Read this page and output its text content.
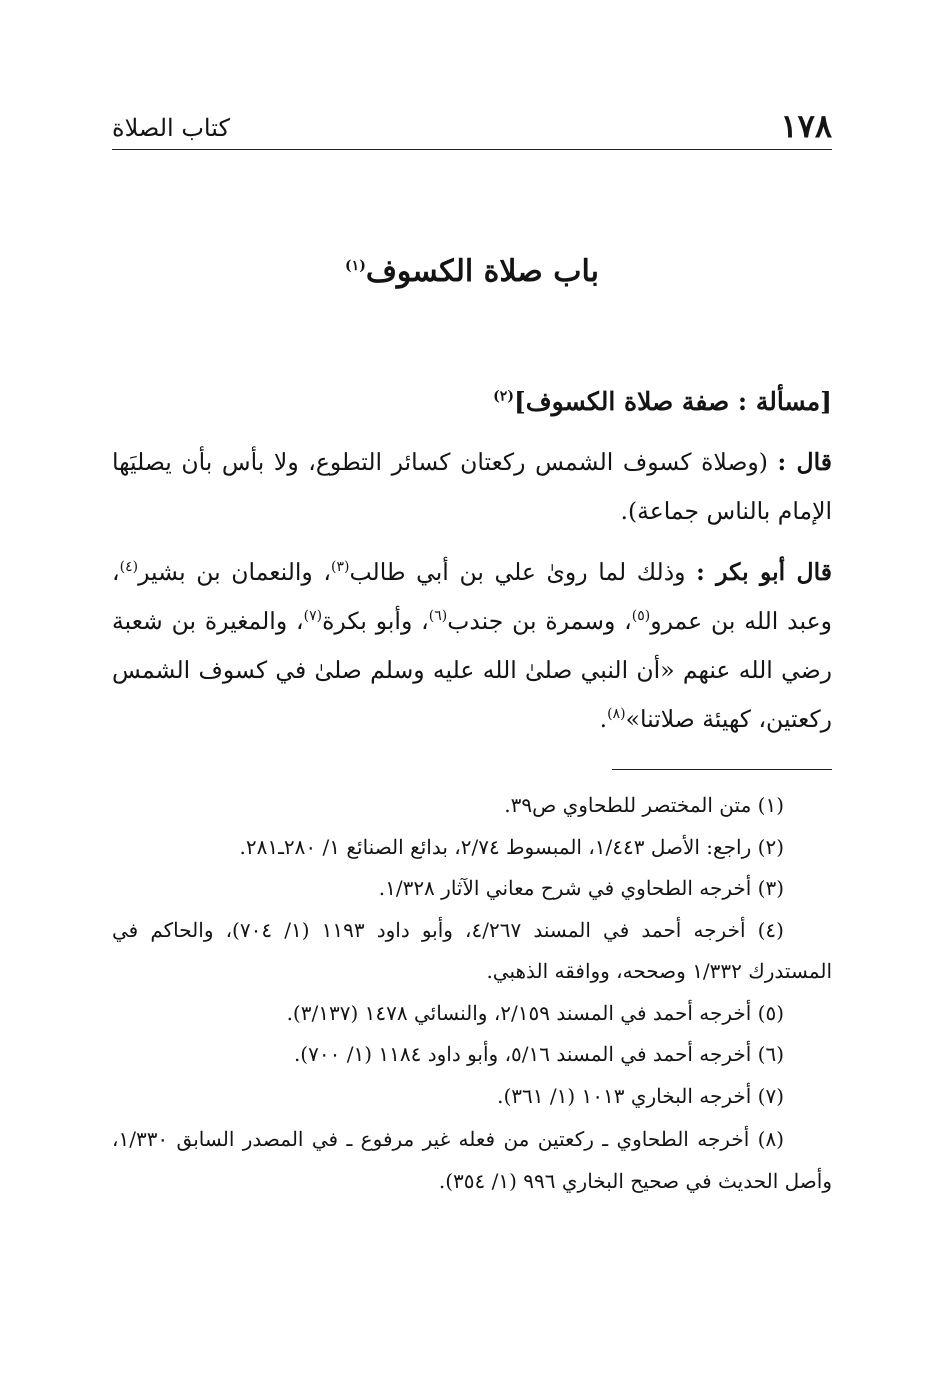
١٧٨
كتاب الصلاة
باب صلاة الكسوف$^{(١)}$
[مسألة : صفة صلاة الكسوف]$^{(٢)}$
قال : (وصلاة كسوف الشمس ركعتان كسائر التطوع، ولا بأس بأن يصليَها الإمام بالناس جماعة).
قال أبو بكر : وذلك لما روىٰ علي بن أبي طالب$^{(٣)}$، والنعمان بن بشير$^{(٤)}$، وعبد الله بن عمرو$^{(٥)}$، وسمرة بن جندب$^{(٦)}$، وأبو بكرة$^{(٧)}$، والمغيرة بن شعبة رضي الله عنهم «أن النبي صلىٰ الله عليه وسلم صلىٰ في كسوف الشمس ركعتين، كهيئة صلاتنا»$^{(٨)}$.
(١) متن المختصر للطحاوي ص٣٩.
(٢) راجع: الأصل ١/٤٤٣، المبسوط ٢/٧٤، بدائع الصنائع ١/ ٢٨٠ـ٢٨١.
(٣) أخرجه الطحاوي في شرح معاني الآثار ١/٣٢٨.
(٤) أخرجه أحمد في المسند ٤/٢٦٧، وأبو داود ١١٩٣ (١/ ٧٠٤)، والحاكم في المستدرك ١/٣٣٢ وصححه، ووافقه الذهبي.
(٥) أخرجه أحمد في المسند ٢/١٥٩، والنسائي ١٤٧٨ (٣/١٣٧).
(٦) أخرجه أحمد في المسند ٥/١٦، وأبو داود ١١٨٤ (١/ ٧٠٠).
(٧) أخرجه البخاري ١٠١٣ (١/ ٣٦١).
(٨) أخرجه الطحاوي ـ ركعتين من فعله غير مرفوع ـ في المصدر السابق ١/٣٣٠، وأصل الحديث في صحيح البخاري ٩٩٦ (١/ ٣٥٤).
